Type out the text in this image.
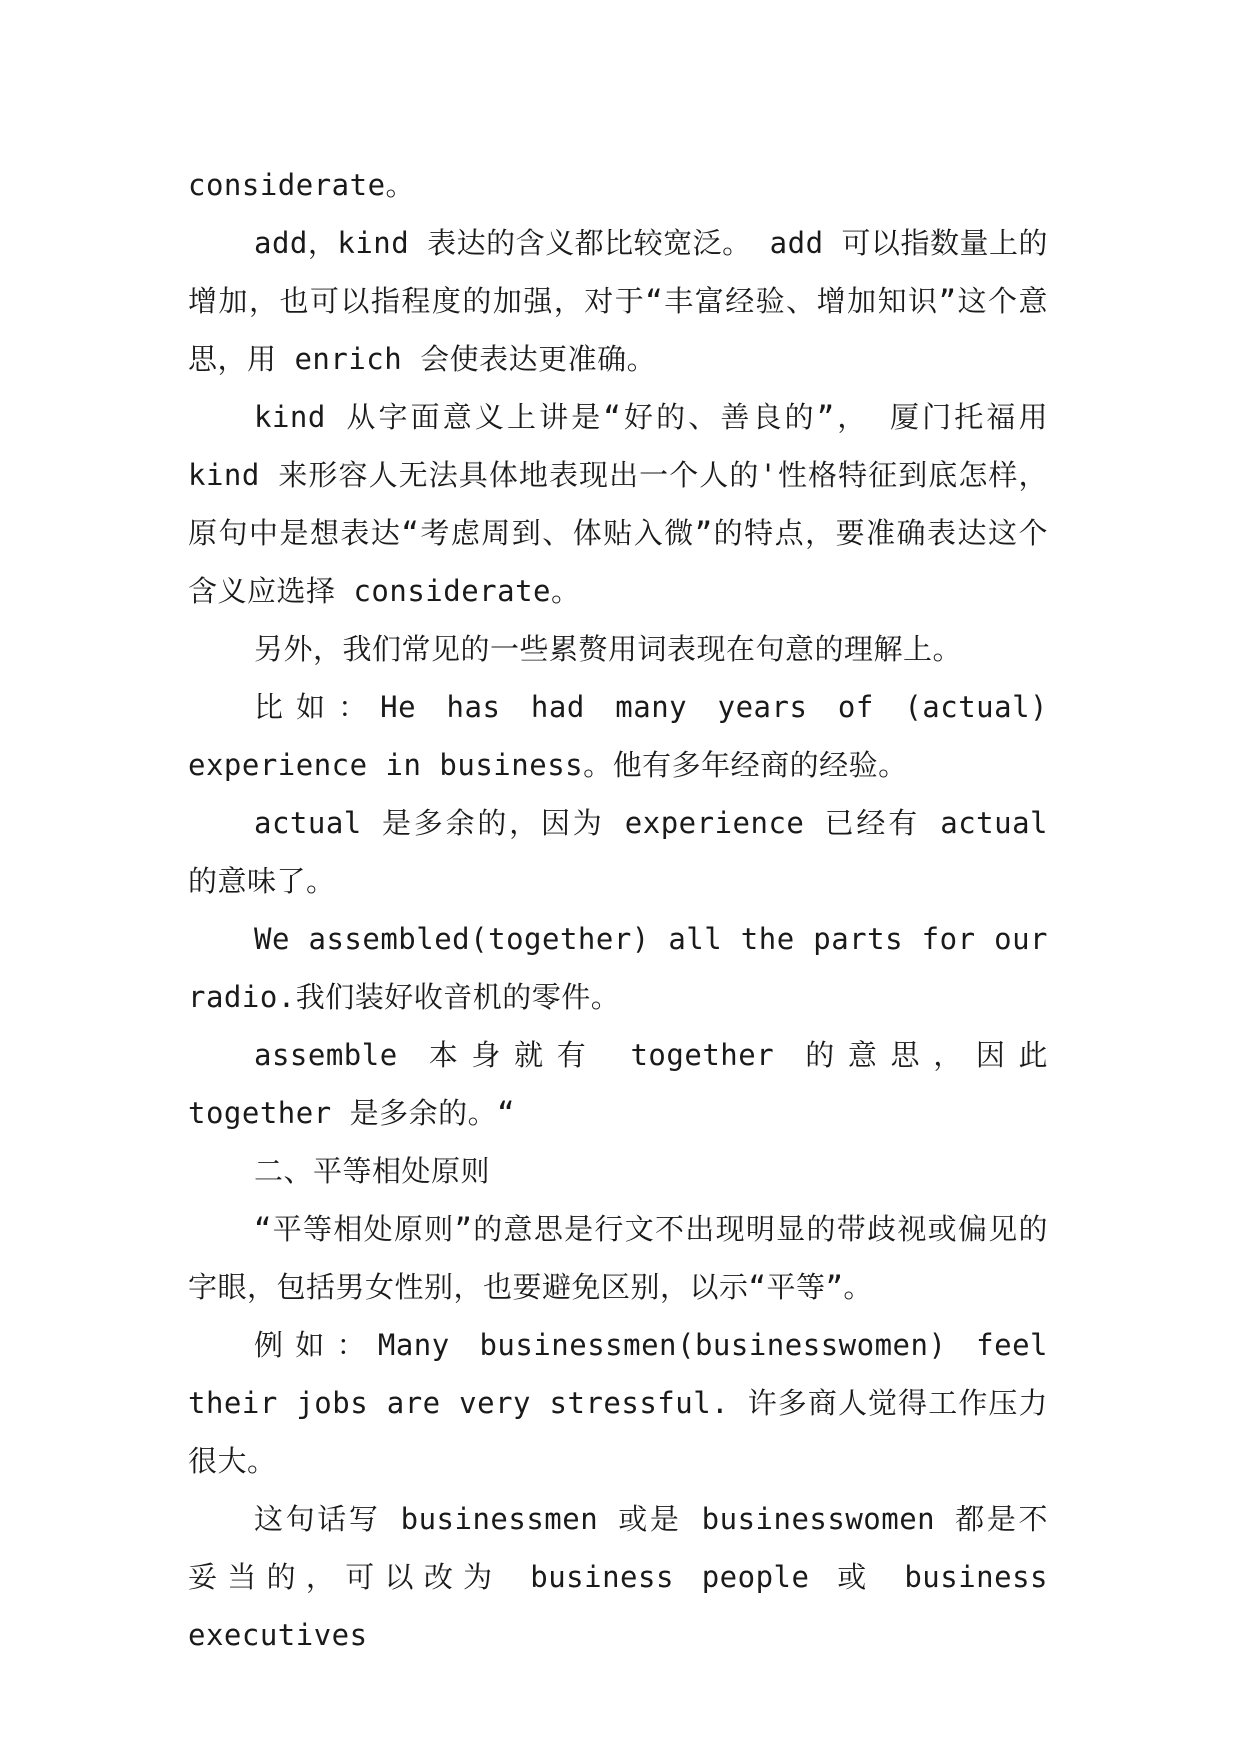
considerate。

add，kind 表达的含义都比较宽泛。 add 可以指数量上的增加，也可以指程度的加强，对于“丰富经验、增加知识”这个意思，用 enrich 会使表达更准确。

kind 从字面意义上讲是“好的、善良的”， 厦门托福用 kind 来形容人无法具体地表现出一个人的'性格特征到底怎样，原句中是想表达“考虑周到、体贴入微”的特点，要准确表达这个含义应选择 considerate。

另外，我们常见的一些累赘用词表现在句意的理解上。

比如：He has had many years of (actual) experience in business。他有多年经商的经验。

actual 是多余的，因为 experience 已经有 actual 的意味了。

We assembled(together) all the parts for our radio.我们装好收音机的零件。

assemble 本身就有 together 的意思，因此 together 是多余的。“

二、平等相处原则

“平等相处原则”的意思是行文不出现明显的带歧视或偏见的字眼，包括男女性别，也要避免区别，以示“平等”。

例如：Many businessmen(businesswomen) feel their jobs are very stressful. 许多商人觉得工作压力很大。

这句话写 businessmen 或是 businesswomen 都是不妥当的，可以改为 business people 或 business executives
